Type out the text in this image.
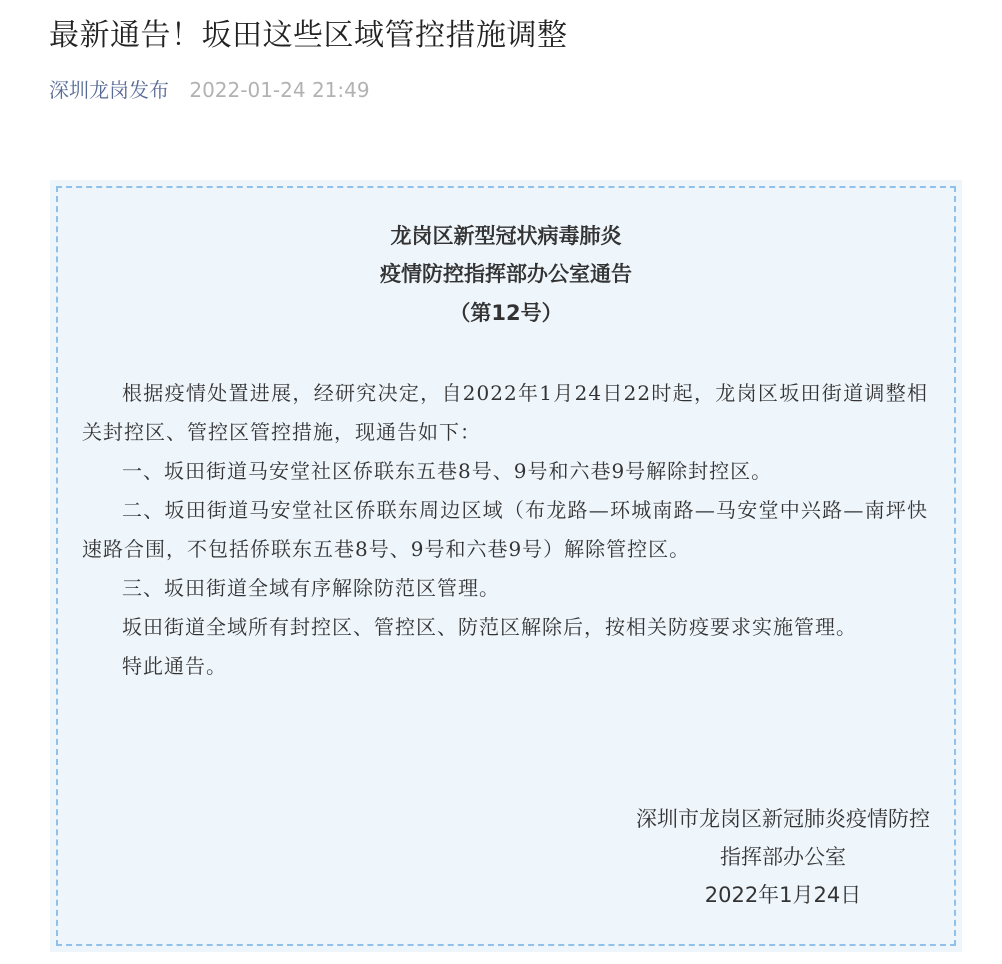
最新通告！坂田这些区域管控措施调整
深圳龙岗发布 2022-01-24 21:49
龙岗区新型冠状病毒肺炎
疫情防控指挥部办公室通告
（第12号）

根据疫情处置进展，经研究决定，自2022年1月24日22时起，龙岗区坂田街道调整相关封控区、管控区管控措施，现通告如下：

一、坂田街道马安堂社区侨联东五巷8号、9号和六巷9号解除封控区。

二、坂田街道马安堂社区侨联东周边区域（布龙路—环城南路—马安堂中兴路—南坪快速路合围，不包括侨联东五巷8号、9号和六巷9号）解除管控区。

三、坂田街道全域有序解除防范区管理。

坂田街道全域所有封控区、管控区、防范区解除后，按相关防疫要求实施管理。

特此通告。

深圳市龙岗区新冠肺炎疫情防控
指挥部办公室
2022年1月24日
